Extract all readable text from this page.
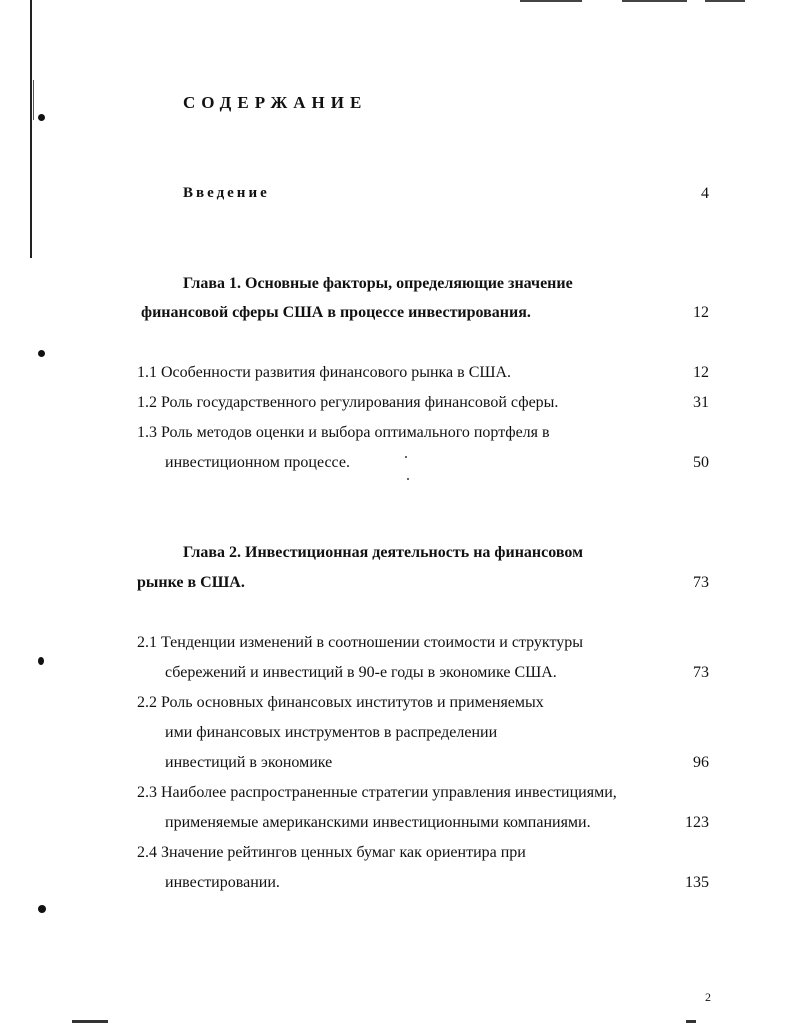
СОДЕРЖАНИЕ
Введение	4
Глава 1. Основные факторы, определяющие значение
финансовой сферы США в процессе инвестирования.	12
1.1 Особенности развития финансового рынка в США.	12
1.2 Роль государственного регулирования финансовой сферы.	31
1.3 Роль методов оценки и выбора оптимального портфеля в
инвестиционном процессе.	50
Глава 2. Инвестиционная деятельность на финансовом
рынке в США.	73
2.1 Тенденции изменений в соотношении стоимости и структуры
сбережений и инвестиций в 90-е годы в экономике США.	73
2.2 Роль основных финансовых институтов и применяемых
ими финансовых инструментов в распределении
инвестиций в экономике	96
2.3 Наиболее распространенные стратегии управления инвестициями,
применяемые американскими инвестиционными компаниями.	123
2.4 Значение рейтингов ценных бумаг как ориентира при
инвестировании.	135
2
